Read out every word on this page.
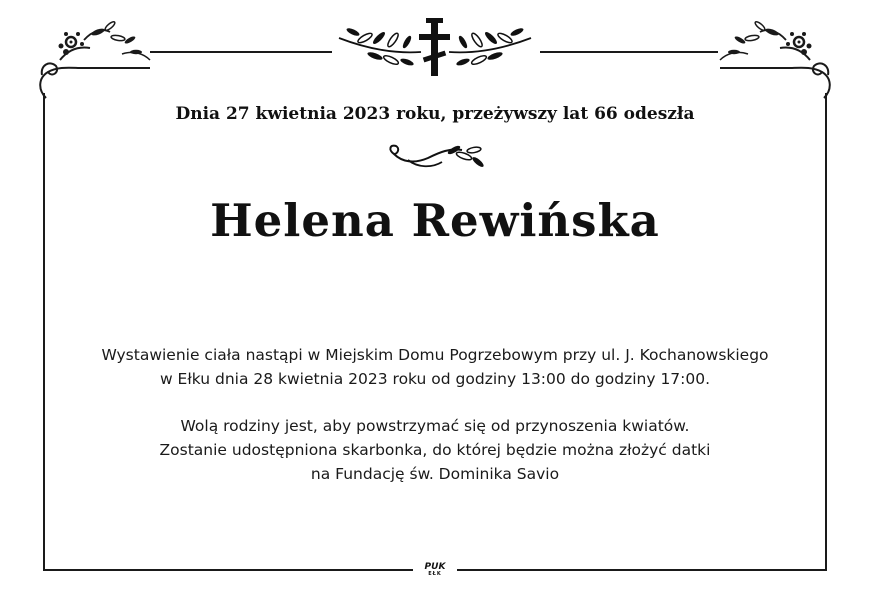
Dnia 27 kwietnia 2023 roku, przeżywszy lat 66 odeszła
Helena Rewińska
Wystawienie ciała nastąpi w Miejskim Domu Pogrzebowym przy ul. J. Kochanowskiego
w Ełku dnia 28 kwietnia 2023 roku od godziny 13:00 do godziny 17:00.
Wolą rodziny jest, aby powstrzymać się od przynoszenia kwiatów.
Zostanie udostępniona skarbonka, do której będzie można złożyć datki
na Fundację św. Dominika Savio
PUK
EŁK
